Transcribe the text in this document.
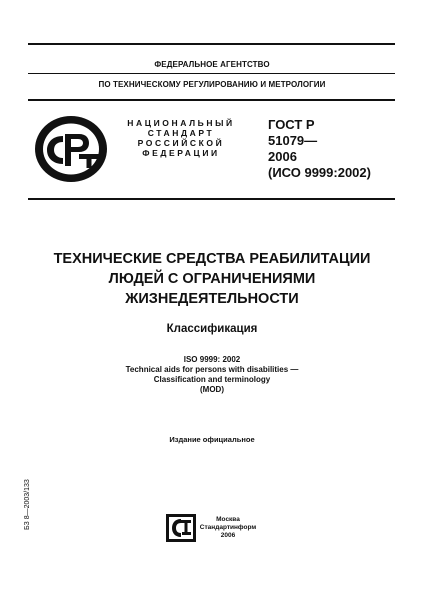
ФЕДЕРАЛЬНОЕ АГЕНТСТВО
ПО ТЕХНИЧЕСКОМУ РЕГУЛИРОВАНИЮ И МЕТРОЛОГИИ
НАЦИОНАЛЬНЫЙ
СТАНДАРТ
РОССИЙСКОЙ
ФЕДЕРАЦИИ
ГОСТ Р
51079—
2006
(ИСО 9999:2002)
ТЕХНИЧЕСКИЕ СРЕДСТВА РЕАБИЛИТАЦИИ
ЛЮДЕЙ С ОГРАНИЧЕНИЯМИ
ЖИЗНЕДЕЯТЕЛЬНОСТИ
Классификация
ISO 9999: 2002
Technical aids for persons with disabilities —
Classification and terminology
(MOD)
Издание официальное
БЗ 8—2003/133	Москва
Стандартинформ
2006
